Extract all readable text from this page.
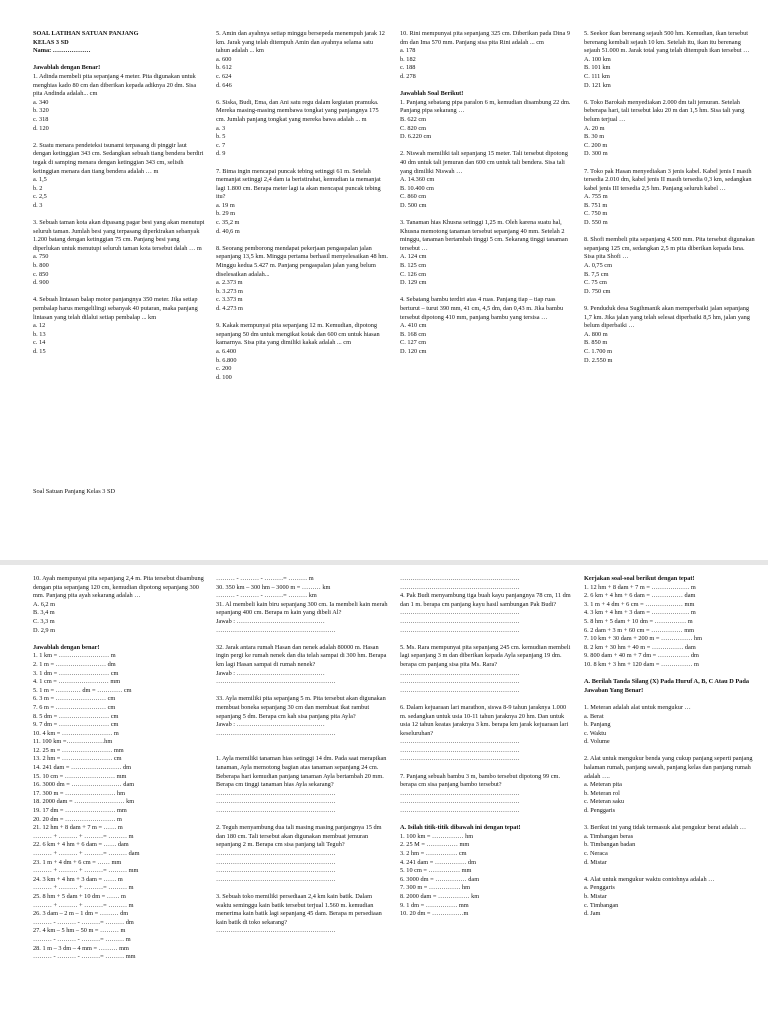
SOAL LATIHAN SATUAN PANJANG

KELAS 3 SD

Nama: ………………

Jawablah dengan Benar!

1. Adinda membeli pita sepanjang 4 meter. Pita digunakan untuk menghias kado 80 cm dan diberikan kepada adiknya 20 dm. Sisa pita Andinda adalah... cm

a. 340

b. 320

c. 318

d. 120

2. Suatu menara pendeteksi tsunami terpasang di pinggir laut dengan ketinggian 343 cm. Sedangkan sebuah tiang bendera berdiri tegak di samping menara dengan ketinggian 343 cm, selisih ketinggian menara dan tiang bendera adalah … m

a. 1,5

b. 2

c. 2,5

d. 3

3. Sebuah taman kota akan dipasang pagar besi yang akan menutupi seluruh taman. Jumlah besi yang terpasang diperkirakan sebanyak 1.200 batang dengan ketinggian 75 cm. Panjang besi yang diperlukan untuk menutupi seluruh taman kota tersebut dalah … m

a. 750

b. 800

c. 850

d. 900

4. Sebuah lintasan balap motor panjangnya 350 meter. Jika setiap pembalap harus mengelilingi sebanyak 40 putaran, maka panjang lintasan yang telah dilalui setiap pembalap ... km

a. 12

b. 13

c. 14

d. 15

5. Amin dan ayahnya setiap minggu bersepeda menempuh jarak 12 km. Jarak yang telah ditempuh Amin dan ayahnya selama satu tahun adalah ... km

a. 600

b. 612

c. 624

d. 646

6. Siska, Budi, Ema, dan Ani satu regu dalam kegiatan pramuka. Mereka masing-masing membawa tongkat yang panjangnya 175 cm. Jumlah panjang tongkat yang mereka bawa adalah ... m

a. 3

b. 5

c. 7

d. 9

7. Bima ingin mencapai puncak tebing setinggi 61 m. Setelah memanjat setinggi 2,4 dam ia beristirahat, kemudian ia memanjat lagi 1.800 cm. Berapa meter lagi ia akan mencapai puncak tebing itu?

a. 19 m

b. 29 m

c. 35,2 m

d. 40,6 m

8. Seorang pemborong mendapat pekerjaan pengaspalan jalan sepanjang 13,5 km. Minggu pertama berhasil menyelesaikan 48 hm. Minggu kedua 5.427 m. Panjang pengaspalan jalan yang belum diselesaikan adalah...

a. 2.373 m

b. 3.273 m

c. 3.373 m

d. 4.273 m

9. Kakak mempunyai pita sepanjang 12 m. Kemudian, dipotong sepanjang 50 dm untuk mengikat kotak dan 600 cm untuk hiasan kamarnya. Sisa pita yang dimiliki kakak adalah ... cm

a. 6.400

b. 6.800

c. 200

d. 100

10. Rini mempunyai pita sepanjang 325 cm. Diberikan pada Dina 9 dm dan Ima 570 mm. Panjang sisa pita Rini adalah ... cm

a. 178

b. 182

c. 188

d. 278

Jawablah Soal Berikut!

1. Panjang sebatang pipa paralon 6 m, kemudian disambung 22 dm. Panjang pipa sekarang …

B. 622 cm

C. 820 cm

D. 6.220 cm

2. Niswah memiliki tali sepanjang 15 meter. Tali tersebut dipotong 40 dm untuk tali jemuran dan 600 cm untuk tali bendera. Sisa tali yang dimiliki Niswah …

A. 14.360 cm

B. 10.400 cm

C. 860 cm

D. 500 cm

3. Tanaman hias Khusna setinggi 1,25 m. Oleh karena suatu hal, Khusna memotong tanaman tersebut sepanjang 40 mm. Setelah 2 minggu, tanaman bertambah tinggi 5 cm. Sekarang tinggi tanaman tersebut …

A. 124 cm

B. 125 cm

C. 126 cm

D. 129 cm

4. Sebatang bambu terdiri atas 4 ruas. Panjang tiap – tiap ruas berturut – turut 390 mm, 41 cm, 4,5 dm, dan 0,43 m. Jika bambu tersebut dipotong 410 mm, panjang bambu yang tersisa …

A. 410 cm

B. 168 cm

C. 127 cm

D. 120 cm

5. Seekor ikan berenang sejauh 500 hm. Kemudian, ikan tersebut berenang kembali sejauh 10 km. Setelah itu, ikan itu berenang sejauh 51.000 m. Jarak total yang telah ditempuh ikan tersebut …

A. 100 km

B. 101 km

C. 111 km

D. 121 km

6. Toko Barokah menyediakan 2.000 dm tali jemuran. Setelah beberapa hari, tali tersebut laku 20 m dan 1,5 hm. Sisa tali yang belum terjual …

A. 20 m

B. 30 m

C. 200 m

D. 300 m

7. Toko pak Hasan menyediakan 3 jenis kabel. Kabel jenis I masih tersedia 2.010 dm, kabel jenis II masih tersedia 0,3 km, sedangkan kabel jenis III tersedia 2,5 hm. Panjang seluruh kabel …

A. 755 m

B. 751 m

C. 750 m

D. 550 m

8. Shofi membeli pita sepanjang 4.500 mm. Pita tersebut digunakan sepanjang 125 cm, sedangkan 2,5 m pita diberikan kepada Isna. Sisa pita Shofi …

A. 0,75 cm

B. 7,5 cm

C. 75 cm

D. 750 cm

9. Penduduk desa Sugihmanik akan memperbaiki jalan sepanjang 1,7 km. Jika jalan yang telah selesai diperbaiki 8,5 hm, jalan yang belum diperbaiki …

A. 800 m

B. 850 m

C. 1.700 m

D. 2.550 m

Soal Satuan Panjang Kelas 3 SD

10. Ayah mempunyai pita sepanjang 2,4 m. Pita tersebut disambung dengan pita sepanjang 120 cm, kemudian dipotong sepanjang 300 mm. Panjang pita ayah sekarang adalah …

A. 6,2 m

B. 3,4 m

C. 3,3 m

D. 2,9 m

Jawablah dengan benar!

1. 1 km = …………………… m

2. 1 m = …………………… dm

3. 1 dm = …………………… cm

4. 1 cm = …………………… mm

5. 1 m = ………… dm = ………… cm

6. 3 m = …………………… cm

7. 6 m = …………………… cm

8. 5 dm = …………………… cm

9. 7 dm = …………………… cm

10. 4 km = …………………… m

11. 100 km =………………hm

12. 25 m = …………………… mm

13. 2 hm = …………………… cm

14. 241 dam = …………………… dm

15. 10 cm = …………………… mm

16. 3000 dm = …………………… dam

17. 300 m = …………………… hm

18. 2000 dam = …………………… km

19. 17 dm = …………………… mm

20. 20 dm = …………………… m

21. 12 hm + 8 dam + 7 m = …… m

……… + ……… + ………= ……… m

22. 6 km + 4 hm + 6 dam = …… dam

……… + ……… + ………= ……… dam

23. 1 m + 4 dm + 6 cm = …… mm

……… + ……… + ………= ……… mm

24. 3 km + 4 hm + 3 dam = …… m

……… + ……… + ………= ……… m

25. 8 hm + 5 dam + 10 dm = …… m

……… + ……… + ………= ……… m

26. 3 dam – 2 m – 1 dm = ……… dm

……… - ……… - ………= ……… dm

27. 4 km – 5 hm – 50 m = ……… m

……… - ……… - ………= ……… m

28. 1 m – 3 dm – 4 mm = ……… mm

……… - ……… - ………= ……… mm

……… - ……… - ………= ……… m

30. 350 km – 300 hm – 3000 m = ……… km

……… - ……… - ………= ……… km

31. Al membeli kain biru sepanjang 300 cm. Ia membeli kain merah sepanjang 400 cm. Berapa m kain yang dibeli Al?

Jawab : ……………………………………

…………………………………………………

32. Jarak antara rumah Hasan dan nenek adalah 80000 m. Hasan ingin pergi ke rumah nenek dan dia telah sampai di 300 hm. Berapa km lagi Hasan sampai di rumah nenek?

Jawab : ……………………………………

…………………………………………………

33. Ayla memiliki pita sepanjang 5 m. Pita tersebut akan digunakan membuat boneka sepanjang 30 cm dan membuat ikat rambut sepanjang 5 dm. Berapa cm kah sisa panjang pita Ayla?

Jawab : ……………………………………

…………………………………………………

1. Ayla memiliki tanaman hias setinggi 14 dm. Pada saat merapikan tanaman, Ayla memotong bagian atas tanaman sepanjang 24 cm. Beberapa hari kemudian panjang tanaman Ayla bertambah 20 mm. Berapa cm tinggi tanaman hias Ayla sekarang?

…………………………………………………

…………………………………………………

…………………………………………………

2. Teguh menyambung dua tali masing masing panjangnya 15 dm dan 180 cm. Tali tersebut akan digunakan membuat jemuran sepanjang 2 m. Berapa cm sisa panjang tali Teguh?

…………………………………………………

…………………………………………………

…………………………………………………

…………………………………………………

3. Sebuah toko memiliki persediaan 2,4 km kain batik. Dalam waktu seminggu kain batik tersebut terjual 1.560 m. kemudian menerima kain batik lagi sepanjang 45 dam. Berapa m persediaan kain batik di toko sekarang?

…………………………………………………

…………………………………………………

…………………………………………………

4. Pak Budi menyambung tiga buah kayu panjangnya 78 cm, 11 dm dan 1 m. berapa cm panjang kayu hasil sambungan Pak Budi?

…………………………………………………

…………………………………………………

…………………………………………………

5. Ms. Rara mempunyai pita sepanjang 245 cm. kemudian membeli lagi sepanjang 3 m dan diberikan kepada Ayla sepanjang 19 dm. berapa cm panjang sisa pita Ms. Rara?

…………………………………………………

…………………………………………………

…………………………………………………

6. Dalam kejuaraan lari marathon, siswa 8-9 tahun jaraknya 1.000 m. sedangkan untuk usia 10-11 tahun jaraknya 20 hm. Dan untuk usia 12 tahun keatas jaraknya 3 km. berapa km jarak kejuaraan lari keseluruhan?

…………………………………………………

…………………………………………………

…………………………………………………

7. Panjang sebuah bambu 3 m, bambo tersebut dipotong 99 cm. berapa cm sisa panjang bambo tersebut?

…………………………………………………

…………………………………………………

…………………………………………………

A. Isilah titik-titik dibawah ini dengan tepat!

1. 100 km = …………… hm

2. 25 M = …………… mm

3. 2 hm = …………… cm

4. 241 dam = …………… dm

5. 10 cm = …………… mm

6. 3000 dm = …………… dam

7. 300 m = …………… hm

8. 2000 dam = …………… km

9. 1 dm = …………… mm

10. 20 dm = ……………m

Kerjakan soal-soal berikut dengan tepat!

1. 12 hm + 8 dam + 7 m = ……………… m

2. 6 km + 4 hm + 6 dam = …………… dam

3. 1 m + 4 dm + 6 cm = ……………… mm

4. 3 km + 4 hm + 3 dam = ……………… m

5. 8 hm + 5 dam + 10 dm = …………… m

6. 2 dam + 3 m + 60 cm = …………… mm

7. 10 km + 30 dam + 200 m = …………… hm

8. 2 km + 30 hm + 40 m = …………… dam

9. 800 dam + 40 m + 7 dm = …………… dm

10. 8 km + 3 hm + 120 dam = …………… m

A. Berilah Tanda Silang (X) Pada Huruf A, B, C Atau D Pada Jawaban Yang Benar!

1. Meteran adalah alat untuk mengukur …

a. Berat

b. Panjang

c. Waktu

d. Volume

2. Alat untuk mengukur benda yang cukup panjang seperti panjang halaman rumah, panjang sawah, panjang kelas dan panjang rumah adalah ….

a. Meteran pita

b. Meteran rol

c. Meteran saku

d. Penggaris

3. Berikut ini yang tidak termasuk alat pengukur berat adalah …

a. Timbangan beras

b. Timbangan badan

c. Neraca

d. Mistar

4. Alat untuk mengukur waktu contohnya adalah …

a. Penggaris

b. Mistar

c. Timbangan

d. Jam
